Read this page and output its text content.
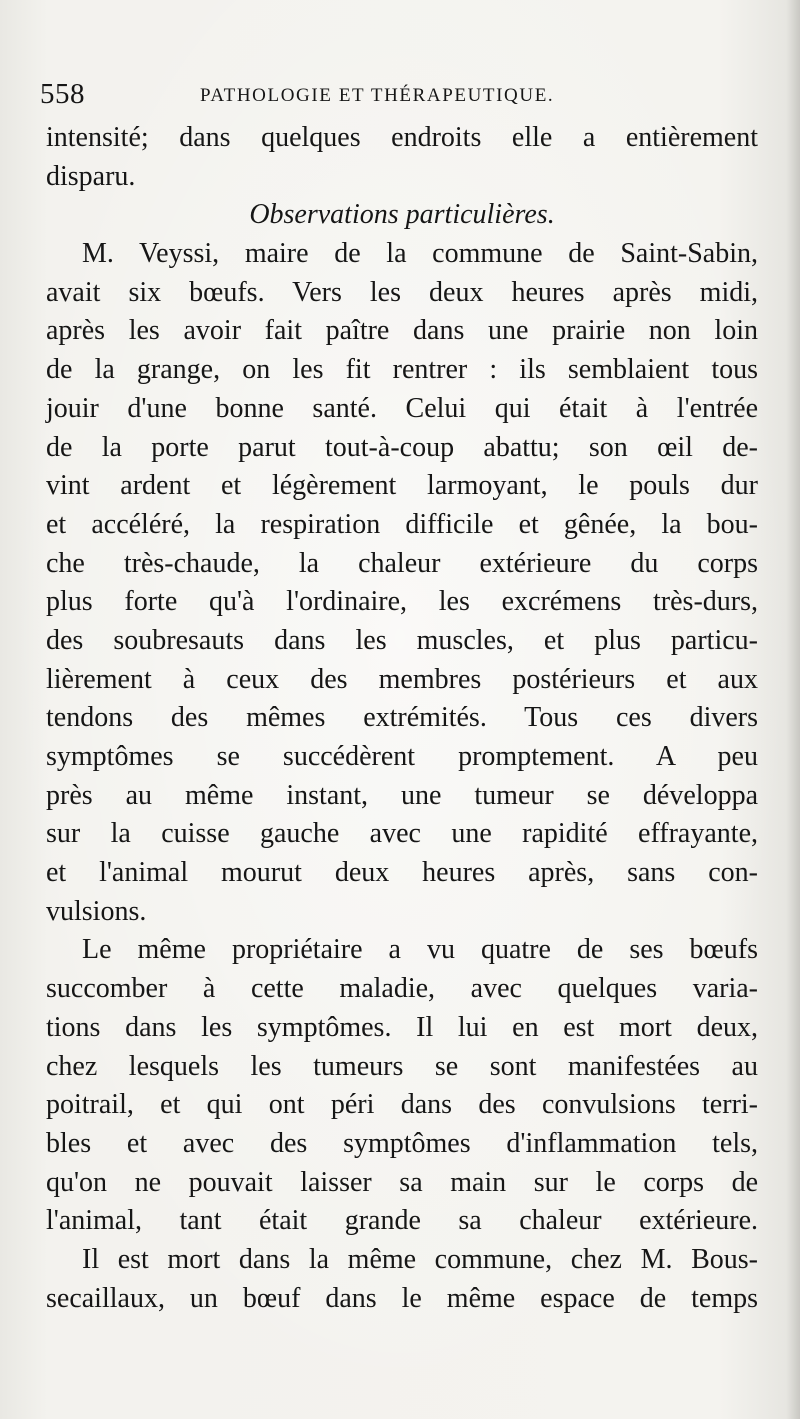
558	PATHOLOGIE ET THÉRAPEUTIQUE.
intensité; dans quelques endroits elle a entièrement
disparu.
Observations particulières.
M. Veyssi, maire de la commune de Saint-Sabin,
avait six bœufs. Vers les deux heures après midi,
après les avoir fait paître dans une prairie non loin
de la grange, on les fit rentrer : ils semblaient tous
jouir d'une bonne santé. Celui qui était à l'entrée
de la porte parut tout-à-coup abattu; son œil de-
vint ardent et légèrement larmoyant, le pouls dur
et accéléré, la respiration difficile et gênée, la bou-
che très-chaude, la chaleur extérieure du corps
plus forte qu'à l'ordinaire, les excrémens très-durs,
des soubresauts dans les muscles, et plus particu-
lièrement à ceux des membres postérieurs et aux
tendons des mêmes extrémités. Tous ces divers
symptômes se succédèrent promptement. A peu
près au même instant, une tumeur se développa
sur la cuisse gauche avec une rapidité effrayante,
et l'animal mourut deux heures après, sans con-
vulsions.
Le même propriétaire a vu quatre de ses bœufs
succomber à cette maladie, avec quelques varia-
tions dans les symptômes. Il lui en est mort deux,
chez lesquels les tumeurs se sont manifestées au
poitrail, et qui ont péri dans des convulsions terri-
bles et avec des symptômes d'inflammation tels,
qu'on ne pouvait laisser sa main sur le corps de
l'animal, tant était grande sa chaleur extérieure.
Il est mort dans la même commune, chez M. Bous-
secaillaux, un bœuf dans le même espace de temps
